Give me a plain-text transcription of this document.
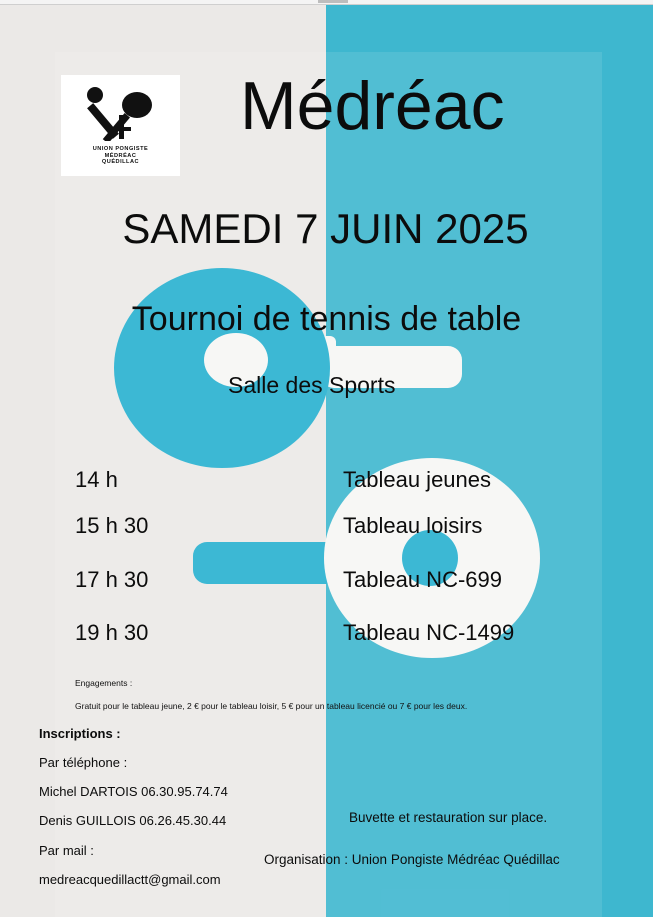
UNION PONGISTE
MÉDRÉAC
QUÉDILLAC
Médréac
SAMEDI 7 JUIN 2025
Tournoi de tennis de table
Salle des Sports
14 h	Tableau jeunes
15 h 30	Tableau loisirs
17 h 30	Tableau NC-699
19 h 30	Tableau NC-1499
Engagements :
Gratuit pour le tableau jeune, 2 € pour le tableau loisir, 5 € pour un tableau licencié ou 7 € pour les deux.
Inscriptions :
Par téléphone :
Michel DARTOIS 06.30.95.74.74
Denis GUILLOIS 06.26.45.30.44
Par mail :
medreacquedillactt@gmail.com
Buvette et restauration sur place.
Organisation : Union Pongiste Médréac Quédillac
